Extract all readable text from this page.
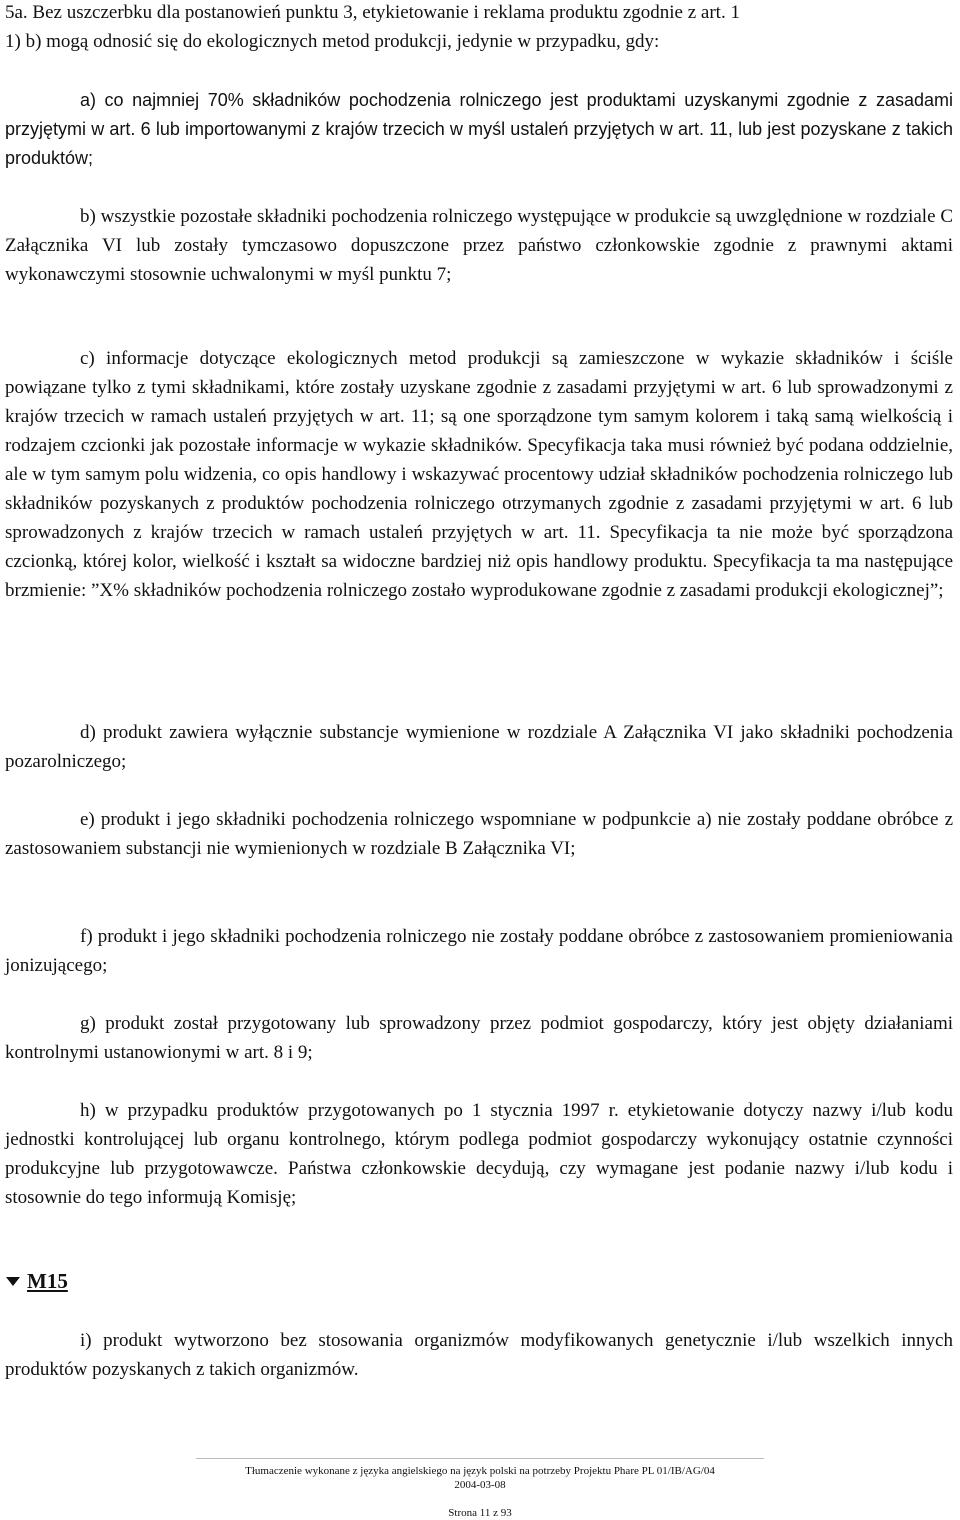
5a. Bez uszczerbku dla postanowień punktu 3, etykietowanie i reklama produktu zgodnie z art. 1
1) b) mogą odnosić się do ekologicznych metod produkcji, jedynie w przypadku, gdy:

a) co najmniej 70% składników pochodzenia rolniczego jest produktami uzyskanymi zgodnie z zasadami przyjętymi w art. 6 lub importowanymi z krajów trzecich w myśl ustaleń przyjętych w art. 11, lub jest pozyskane z takich produktów;

b) wszystkie pozostałe składniki pochodzenia rolniczego występujące w produkcie są uwzględnione w rozdziale C Załącznika VI lub zostały tymczasowo dopuszczone przez państwo członkowskie zgodnie z prawnymi aktami wykonawczymi stosownie uchwalonymi w myśl punktu 7;

c) informacje dotyczące ekologicznych metod produkcji są zamieszczone w wykazie składników i ściśle powiązane tylko z tymi składnikami, które zostały uzyskane zgodnie z zasadami przyjętymi w art. 6 lub sprowadzonymi z krajów trzecich w ramach ustaleń przyjętych w art. 11; są one sporządzone tym samym kolorem i taką samą wielkością i rodzajem czcionki jak pozostałe informacje w wykazie składników. Specyfikacja taka musi również być podana oddzielnie, ale w tym samym polu widzenia, co opis handlowy i wskazywać procentowy udział składników pochodzenia rolniczego lub składników pozyskanych z produktów pochodzenia rolniczego otrzymanych zgodnie z zasadami przyjętymi w art. 6 lub sprowadzonych z krajów trzecich w ramach ustaleń przyjętych w art. 11. Specyfikacja ta nie może być sporządzona czcionką, której kolor, wielkość i kształt sa widoczne bardziej niż opis handlowy produktu. Specyfikacja ta ma następujące brzmienie: ”X% składników pochodzenia rolniczego zostało wyprodukowane zgodnie z zasadami produkcji ekologicznej”;

d) produkt zawiera wyłącznie substancje wymienione w rozdziale A Załącznika VI jako składniki pochodzenia pozarolniczego;

e) produkt i jego składniki pochodzenia rolniczego wspomniane w podpunkcie a) nie zostały poddane obróbce z zastosowaniem substancji nie wymienionych w rozdziale B Załącznika VI;

f) produkt i jego składniki pochodzenia rolniczego nie zostały poddane obróbce z zastosowaniem promieniowania jonizującego;

g) produkt został przygotowany lub sprowadzony przez podmiot gospodarczy, który jest objęty działaniami kontrolnymi ustanowionymi w art. 8 i 9;

h) w przypadku produktów przygotowanych po 1 stycznia 1997 r. etykietowanie dotyczy nazwy i/lub kodu jednostki kontrolującej lub organu kontrolnego, którym podlega podmiot gospodarczy wykonujący ostatnie czynności produkcyjne lub przygotowawcze. Państwa członkowskie decydują, czy wymagane jest podanie nazwy i/lub kodu i stosownie do tego informują Komisję;

M15

i) produkt wytworzono bez stosowania organizmów modyfikowanych genetycznie i/lub wszelkich innych produktów pozyskanych z takich organizmów.

Tłumaczenie wykonane z języka angielskiego na język polski na potrzeby Projektu Phare PL 01/IB/AG/04
2004-03-08
Strona 11 z 93
